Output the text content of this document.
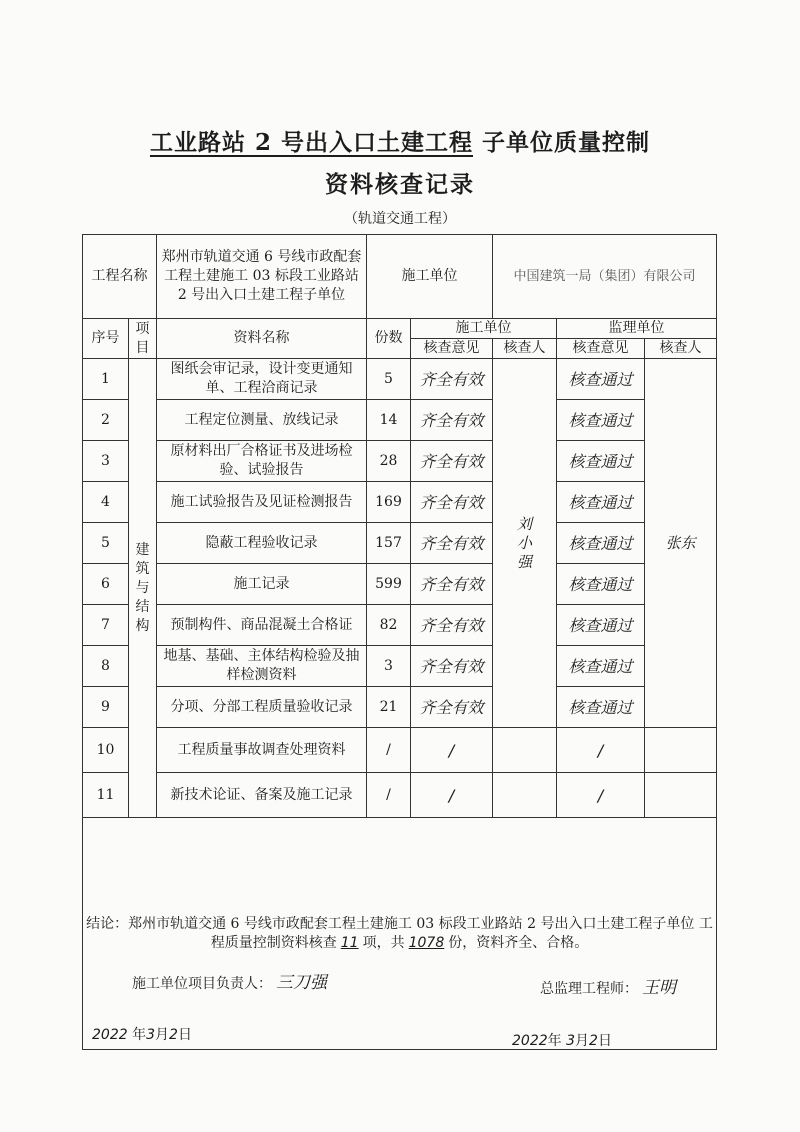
工业路站 2 号出入口土建工程 子单位质量控制
资料核查记录
（轨道交通工程）
工程名称		郑州市轨道交通 6 号线市政配套工程土建施工 03 标段工业路站 2 号出入口土建工程子单位	施工单位		中国建筑一局（集团）有限公司		
序号	项目	资料名称	份数	施工单位		监理单位	
				核查意见	核查人	核查意见	核查人
1	建筑与结构	图纸会审记录，设计变更通知单、工程洽商记录	5	齐全有效	刘小强	核查通过	张东
2		工程定位测量、放线记录	14	齐全有效		核查通过	
3		原材料出厂合格证书及进场检验、试验报告	28	齐全有效		核查通过	
4		施工试验报告及见证检测报告	169	齐全有效		核查通过	
5		隐蔽工程验收记录	157	齐全有效		核查通过	
6		施工记录	599	齐全有效		核查通过	
7		预制构件、商品混凝土合格证	82	齐全有效		核查通过	
8		地基、基础、主体结构检验及抽样检测资料	3	齐全有效		核查通过	
9		分项、分部工程质量验收记录	21	齐全有效		核查通过	
10		工程质量事故调查处理资料	/	/		/	
11		新技术论证、备案及施工记录	/	/		/	
结论：郑州市轨道交通 6 号线市政配套工程土建施工 03 标段工业路站 2 号出入口土建工程子单位 工程质量控制资料核查 11 项，共 1078 份，资料齐全、合格。							
施工单位项目负责人： 三刀强	总监理工程师： 王明
2022 年3月2日	2022年 3月2日
